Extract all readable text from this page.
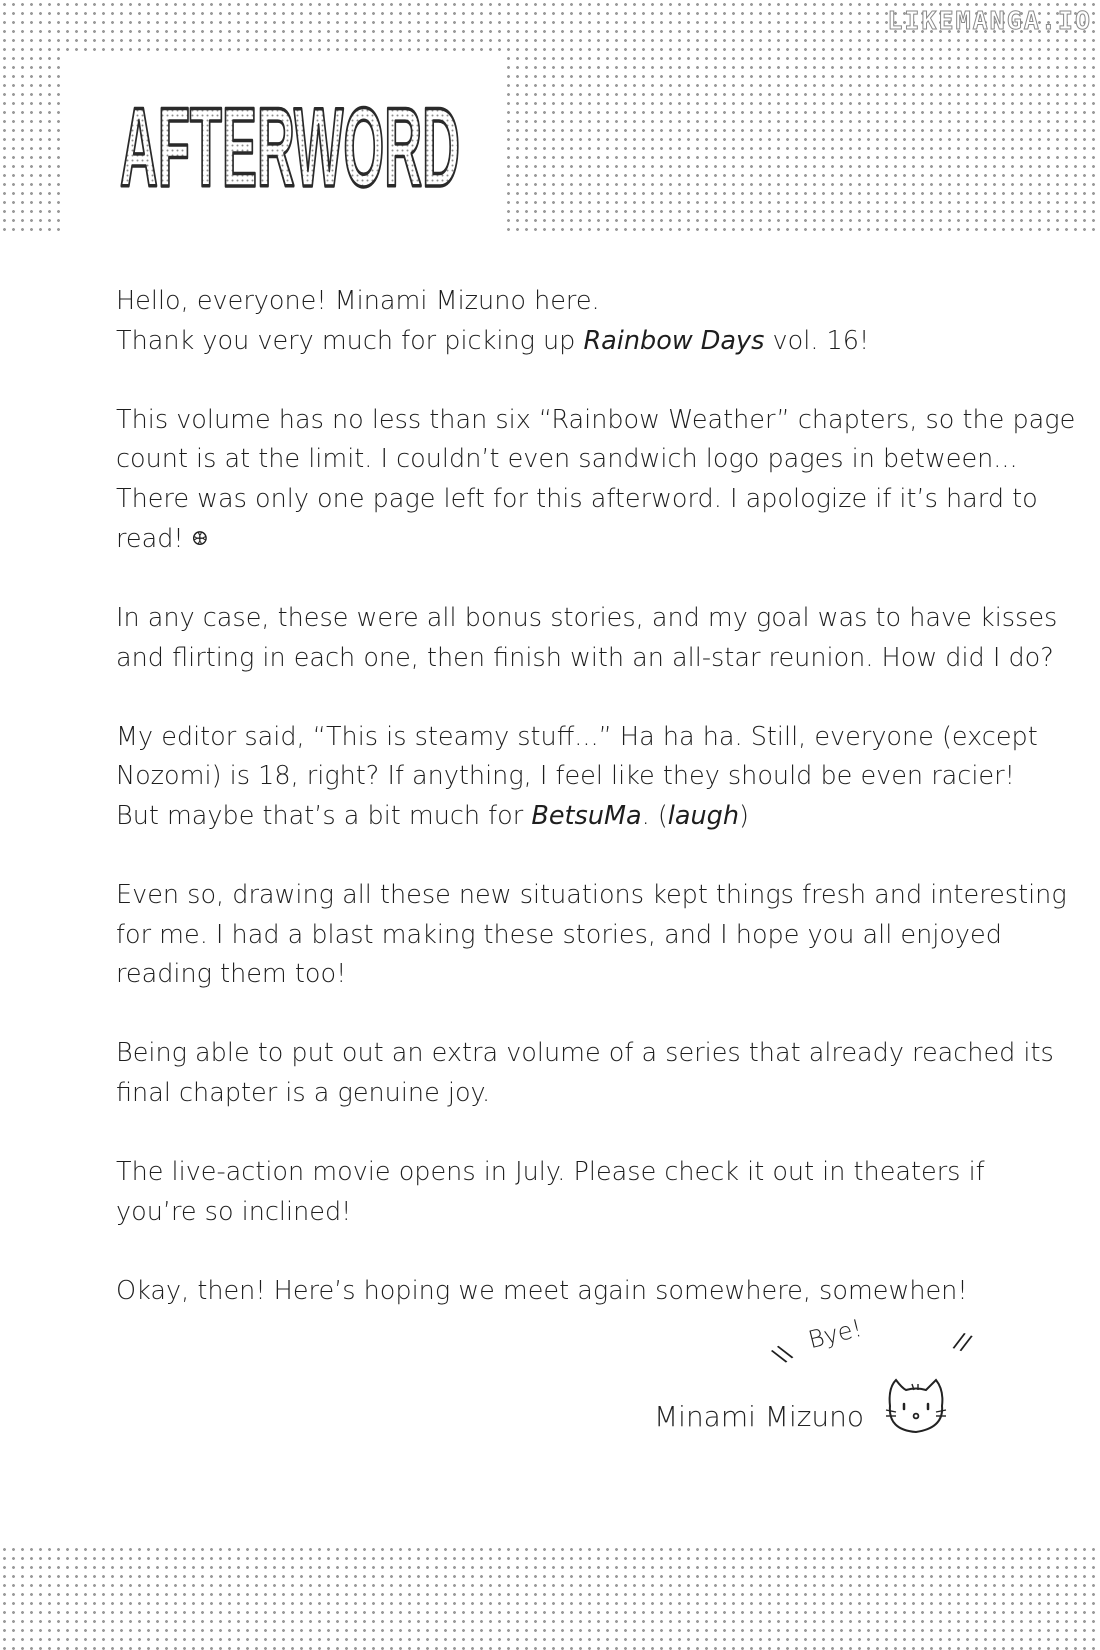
LIKEMANGA.IO
AFTERWORD

Hello, everyone! Minami Mizuno here.
Thank you very much for picking up Rainbow Days vol. 16!

This volume has no less than six “Rainbow Weather” chapters, so the page
count is at the limit. I couldn’t even sandwich logo pages in between...
There was only one page left for this afterword. I apologize if it’s hard to
read! 𐃏

In any case, these were all bonus stories, and my goal was to have kisses
and flirting in each one, then finish with an all-star reunion. How did I do?

My editor said, “This is steamy stuff...” Ha ha ha. Still, everyone (except
Nozomi) is 18, right? If anything, I feel like they should be even racier!
But maybe that’s a bit much for BetsuMa. (laugh)

Even so, drawing all these new situations kept things fresh and interesting
for me. I had a blast making these stories, and I hope you all enjoyed
reading them too!

Being able to put out an extra volume of a series that already reached its
final chapter is a genuine joy.

The live-action movie opens in July. Please check it out in theaters if
you’re so inclined!

Okay, then! Here’s hoping we meet again somewhere, somewhen!

\\
Bye!	//
Minami Mizuno
